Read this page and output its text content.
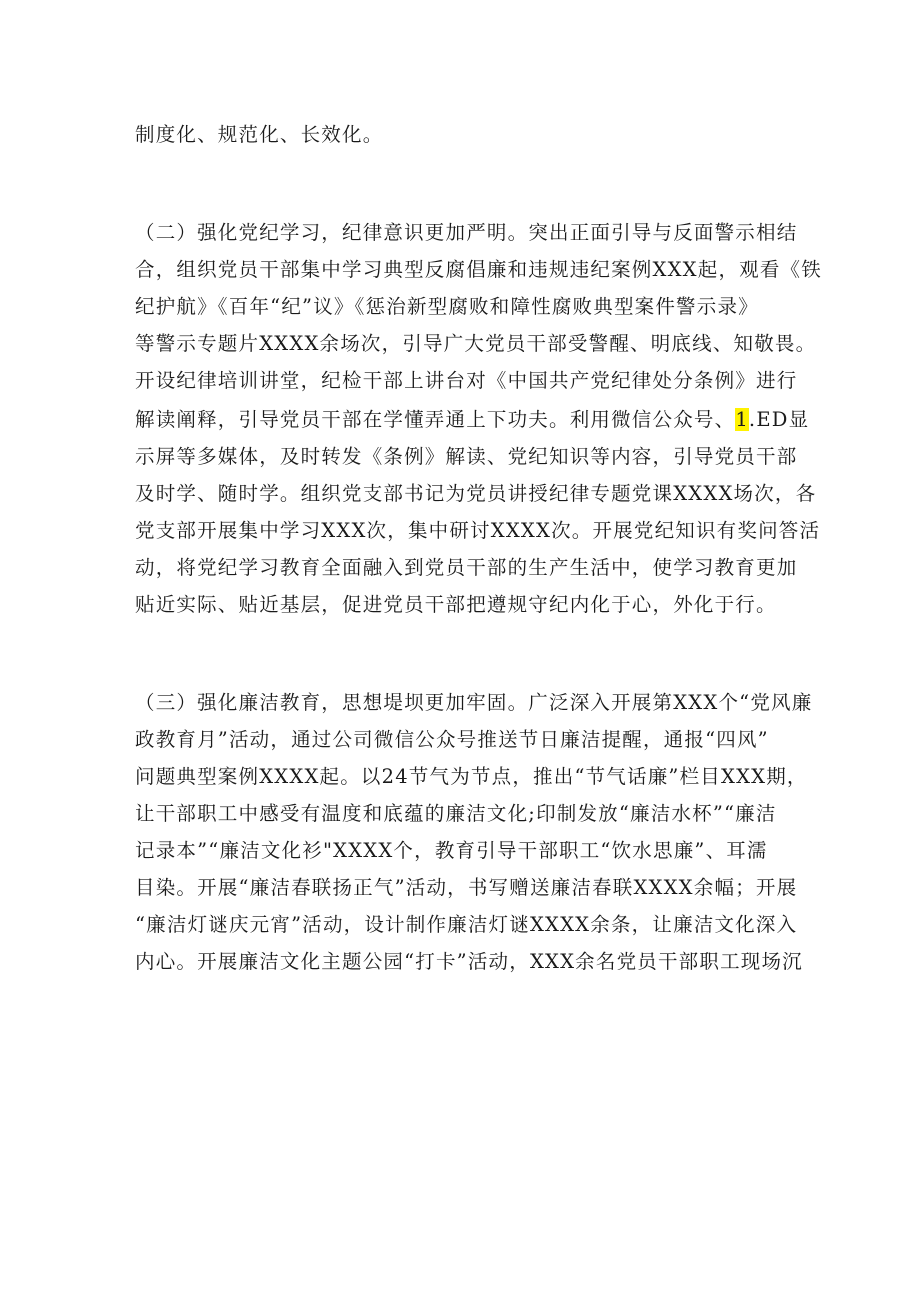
制度化、规范化、长效化。
（二）强化党纪学习，纪律意识更加严明。突出正面引导与反面警示相结
合，组织党员干部集中学习典型反腐倡廉和违规违纪案例XXX起，观看《铁
纪护航》《百年“纪”议》《惩治新型腐败和障性腐败典型案件警示录》
等警示专题片XXXX余场次，引导广大党员干部受警醒、明底线、知敬畏。
开设纪律培训讲堂，纪检干部上讲台对《中国共产党纪律处分条例》进行
解读阐释，引导党员干部在学懂弄通上下功夫。利用微信公众号、1.ED显
示屏等多媒体，及时转发《条例》解读、党纪知识等内容，引导党员干部
及时学、随时学。组织党支部书记为党员讲授纪律专题党课XXXX场次，各
党支部开展集中学习XXX次，集中研讨XXXX次。开展党纪知识有奖问答活
动，将党纪学习教育全面融入到党员干部的生产生活中，使学习教育更加
贴近实际、贴近基层，促进党员干部把遵规守纪内化于心，外化于行。
（三）强化廉洁教育，思想堤坝更加牢固。广泛深入开展第XXX个“党风廉
政教育月”活动，通过公司微信公众号推送节日廉洁提醒，通报“四风”
问题典型案例XXXX起。以24节气为节点，推出“节气话廉”栏目XXX期，
让干部职工中感受有温度和底蕴的廉洁文化;印制发放“廉洁水杯”“廉洁
记录本”“廉洁文化衫"XXXX个，教育引导干部职工“饮水思廉”、耳濡
目染。开展“廉洁春联扬正气”活动，书写赠送廉洁春联XXXX余幅；开展
“廉洁灯谜庆元宵”活动，设计制作廉洁灯谜XXXX余条，让廉洁文化深入
内心。开展廉洁文化主题公园“打卡”活动，XXX余名党员干部职工现场沉
